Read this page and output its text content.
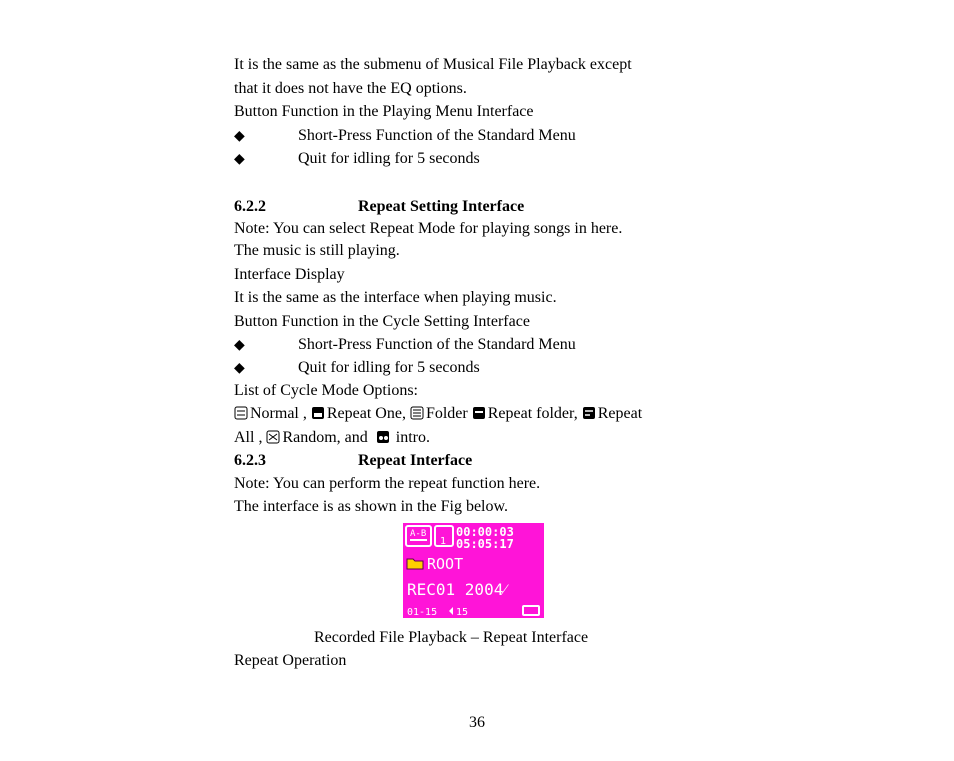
It is the same as the submenu of Musical File Playback except
that it does not have the EQ options.
Button Function in the Playing Menu Interface
◆	Short-Press Function of the Standard Menu
◆	Quit for idling for 5 seconds
6.2.2	Repeat Setting Interface
Note: You can select Repeat Mode for playing songs in here.
The music is still playing.
Interface Display
It is the same as the interface when playing music.
Button Function in the Cycle Setting Interface
◆	Short-Press Function of the Standard Menu
◆	Quit for idling for 5 seconds
List of Cycle Mode Options:
Normal , Repeat One, Folder Repeat folder, Repeat
All , Random, and intro.
6.2.3	Repeat Interface
Note: You can perform the repeat function here.
The interface is as shown in the Fig below.
A-B
1
00:00:03
05:05:17
ROOT
REC01 2004⁄
01-15 15
Recorded File Playback – Repeat Interface
Repeat Operation
36
